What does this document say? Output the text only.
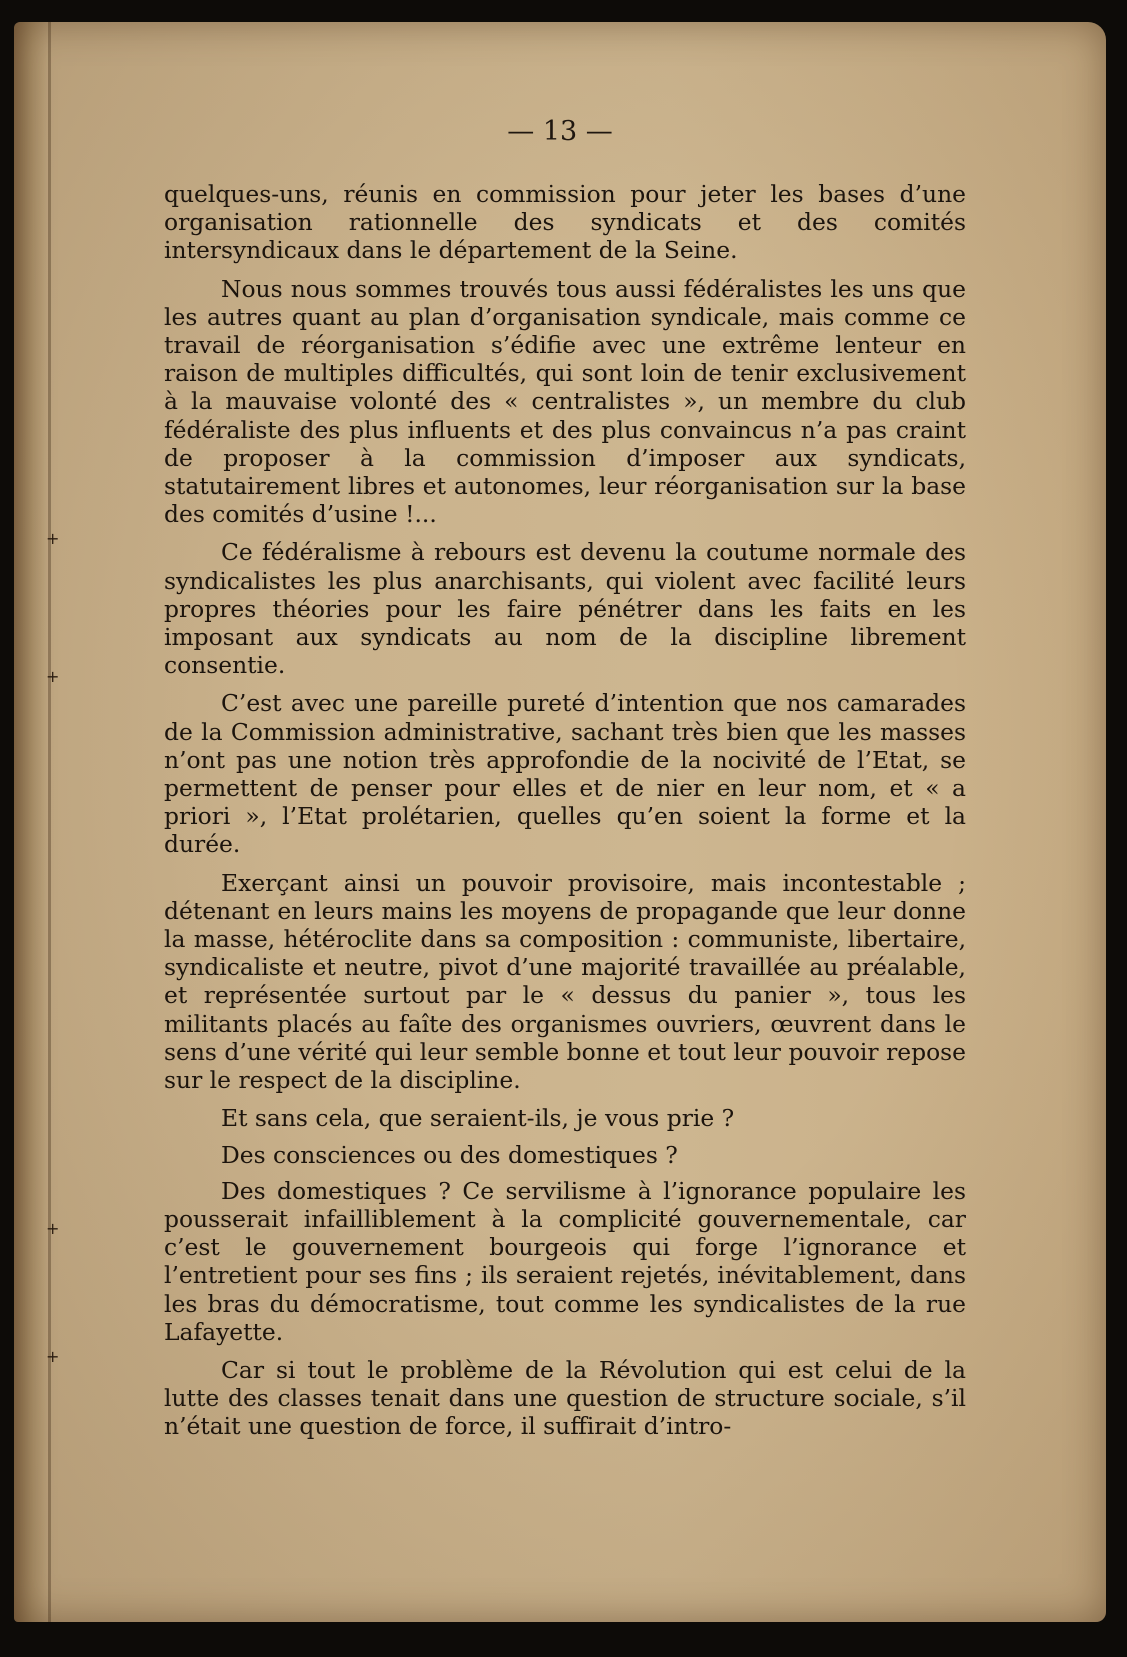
+
+
+
+
— 13 —

quelques-uns, réunis en commission pour jeter les bases d’une organisation rationnelle des syndicats et des comités intersyndicaux dans le département de la Seine.

Nous nous sommes trouvés tous aussi fédéralistes les uns que les autres quant au plan d’organisation syndicale, mais comme ce travail de réorganisation s’édifie avec une extrême lenteur en raison de multiples difficultés, qui sont loin de tenir exclusivement à la mauvaise volonté des « centralistes », un membre du club fédéraliste des plus influents et des plus convaincus n’a pas craint de proposer à la commission d’imposer aux syndicats, statutairement libres et autonomes, leur réorganisation sur la base des comités d’usine !...

Ce fédéralisme à rebours est devenu la coutume normale des syndicalistes les plus anarchisants, qui violent avec facilité leurs propres théories pour les faire pénétrer dans les faits en les imposant aux syndicats au nom de la discipline librement consentie.

C’est avec une pareille pureté d’intention que nos camarades de la Commission administrative, sachant très bien que les masses n’ont pas une notion très approfondie de la nocivité de l’Etat, se permettent de penser pour elles et de nier en leur nom, et « a priori », l’Etat prolétarien, quelles qu’en soient la forme et la durée.

Exerçant ainsi un pouvoir provisoire, mais incontestable ; détenant en leurs mains les moyens de propagande que leur donne la masse, hétéroclite dans sa composition : communiste, libertaire, syndicaliste et neutre, pivot d’une majorité travaillée au préalable, et représentée surtout par le « dessus du panier », tous les militants placés au faîte des organismes ouvriers, œuvrent dans le sens d’une vérité qui leur semble bonne et tout leur pouvoir repose sur le respect de la discipline.

Et sans cela, que seraient-ils, je vous prie ?

Des consciences ou des domestiques ?

Des domestiques ? Ce servilisme à l’ignorance populaire les pousserait infailliblement à la complicité gouvernementale, car c’est le gouvernement bourgeois qui forge l’ignorance et l’entretient pour ses fins ; ils seraient rejetés, inévitablement, dans les bras du démocratisme, tout comme les syndicalistes de la rue Lafayette.

Car si tout le problème de la Révolution qui est celui de la lutte des classes tenait dans une question de structure sociale, s’il n’était une question de force, il suffirait d’intro-
